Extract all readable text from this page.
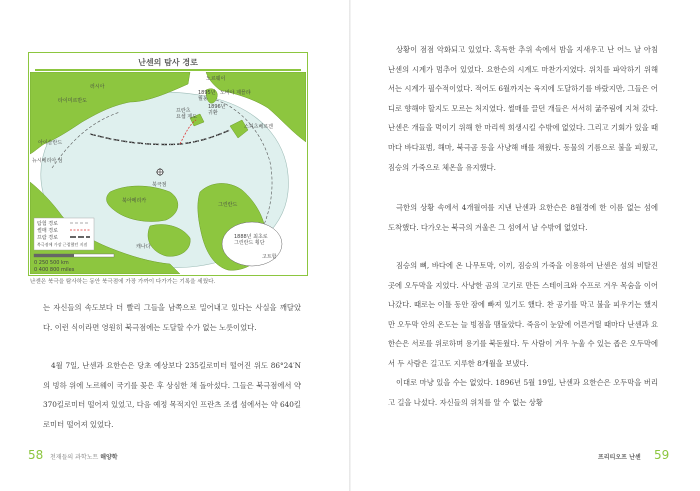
난센의 탐사 경로
노르웨이
러시아
타이미르반도
아이슬란드
뉴시베리아 섬
프란츠
요셉 제도
스피츠베르겐
노바야 제믈랴
1895년
월동
1896년
귀환
북극점
북아메리카
그린란드
캐나다
1888년 최초로
그린란드 횡단
고트합
탐험 경로
썰매 경로
프람 경로
북극점에 가장 근접했던 지점
0 250 500 km
0 400 800 miles
난센은 북극을 탐사하는 동안 북극점에 가장 가까이 다가가는 기록을 세웠다.

는 자신들의 속도보다 더 빨리 그들을 남쪽으로 밀어내고 있다는 사실을 깨달았다. 이런 식이라면 영원히 북극점에는 도달할 수가 없는 노릇이었다.

4월 7일, 난센과 요한슨은 당초 예상보다 235킬로미터 떨어진 위도 86°24′N의 빙하 위에 노르웨이 국기를 꽂은 후 상심한 채 돌아섰다. 그들은 북극점에서 약 370킬로미터 떨어져 있었고, 다음 예정 목적지인 프란츠 조셉 섬에서는 약 640킬로미터 떨어져 있었다.

58 천재들의 과학노트 해양학

상황이 점점 악화되고 있었다. 혹독한 추위 속에서 밤을 지새우고 난 어느 날 아침 난센의 시계가 멈추어 있었다. 요한슨의 시계도 마찬가지였다. 위치를 파악하기 위해서는 시계가 필수적이었다. 적어도 6월까지는 육지에 도달하기를 바랐지만, 그들은 어디로 향해야 할지도 모르는 처지였다. 썰매를 끌던 개들은 서서히 굶주림에 지쳐 갔다. 난센은 개들을 먹이기 위해 한 마리씩 희생시킬 수밖에 없었다. 그리고 기회가 있을 때마다 바다표범, 해마, 북극곰 등을 사냥해 배를 채웠다. 동물의 기름으로 불을 피웠고, 짐승의 가죽으로 체온을 유지했다.

극한의 상황 속에서 4개월여를 지낸 난센과 요한슨은 8월경에 한 이름 없는 섬에 도착했다. 다가오는 북극의 겨울은 그 섬에서 날 수밖에 없었다.

짐승의 뼈, 바다에 온 나무토막, 이끼, 짐승의 가죽을 이용하여 난센은 섬의 비탈진 곳에 오두막을 지었다. 사냥한 곰의 고기로 만든 스테이크와 수프로 겨우 목숨을 이어 나갔다. 때로는 이틀 동안 잠에 빠져 있기도 했다. 찬 공기를 막고 불을 피우기는 했지만 오두막 안의 온도는 늘 빙점을 맴돌았다. 죽음이 눈앞에 어른거릴 때마다 난센과 요한슨은 서로를 위로하며 용기를 북돋웠다. 두 사람이 겨우 누울 수 있는 좁은 오두막에서 두 사람은 길고도 지루한 8개월을 보냈다.

이대로 마냥 있을 수는 없었다. 1896년 5월 19일, 난센과 요한슨은 오두막을 버리고 길을 나섰다. 자신들의 위치를 알 수 없는 상황

프리티오프 난센 59
